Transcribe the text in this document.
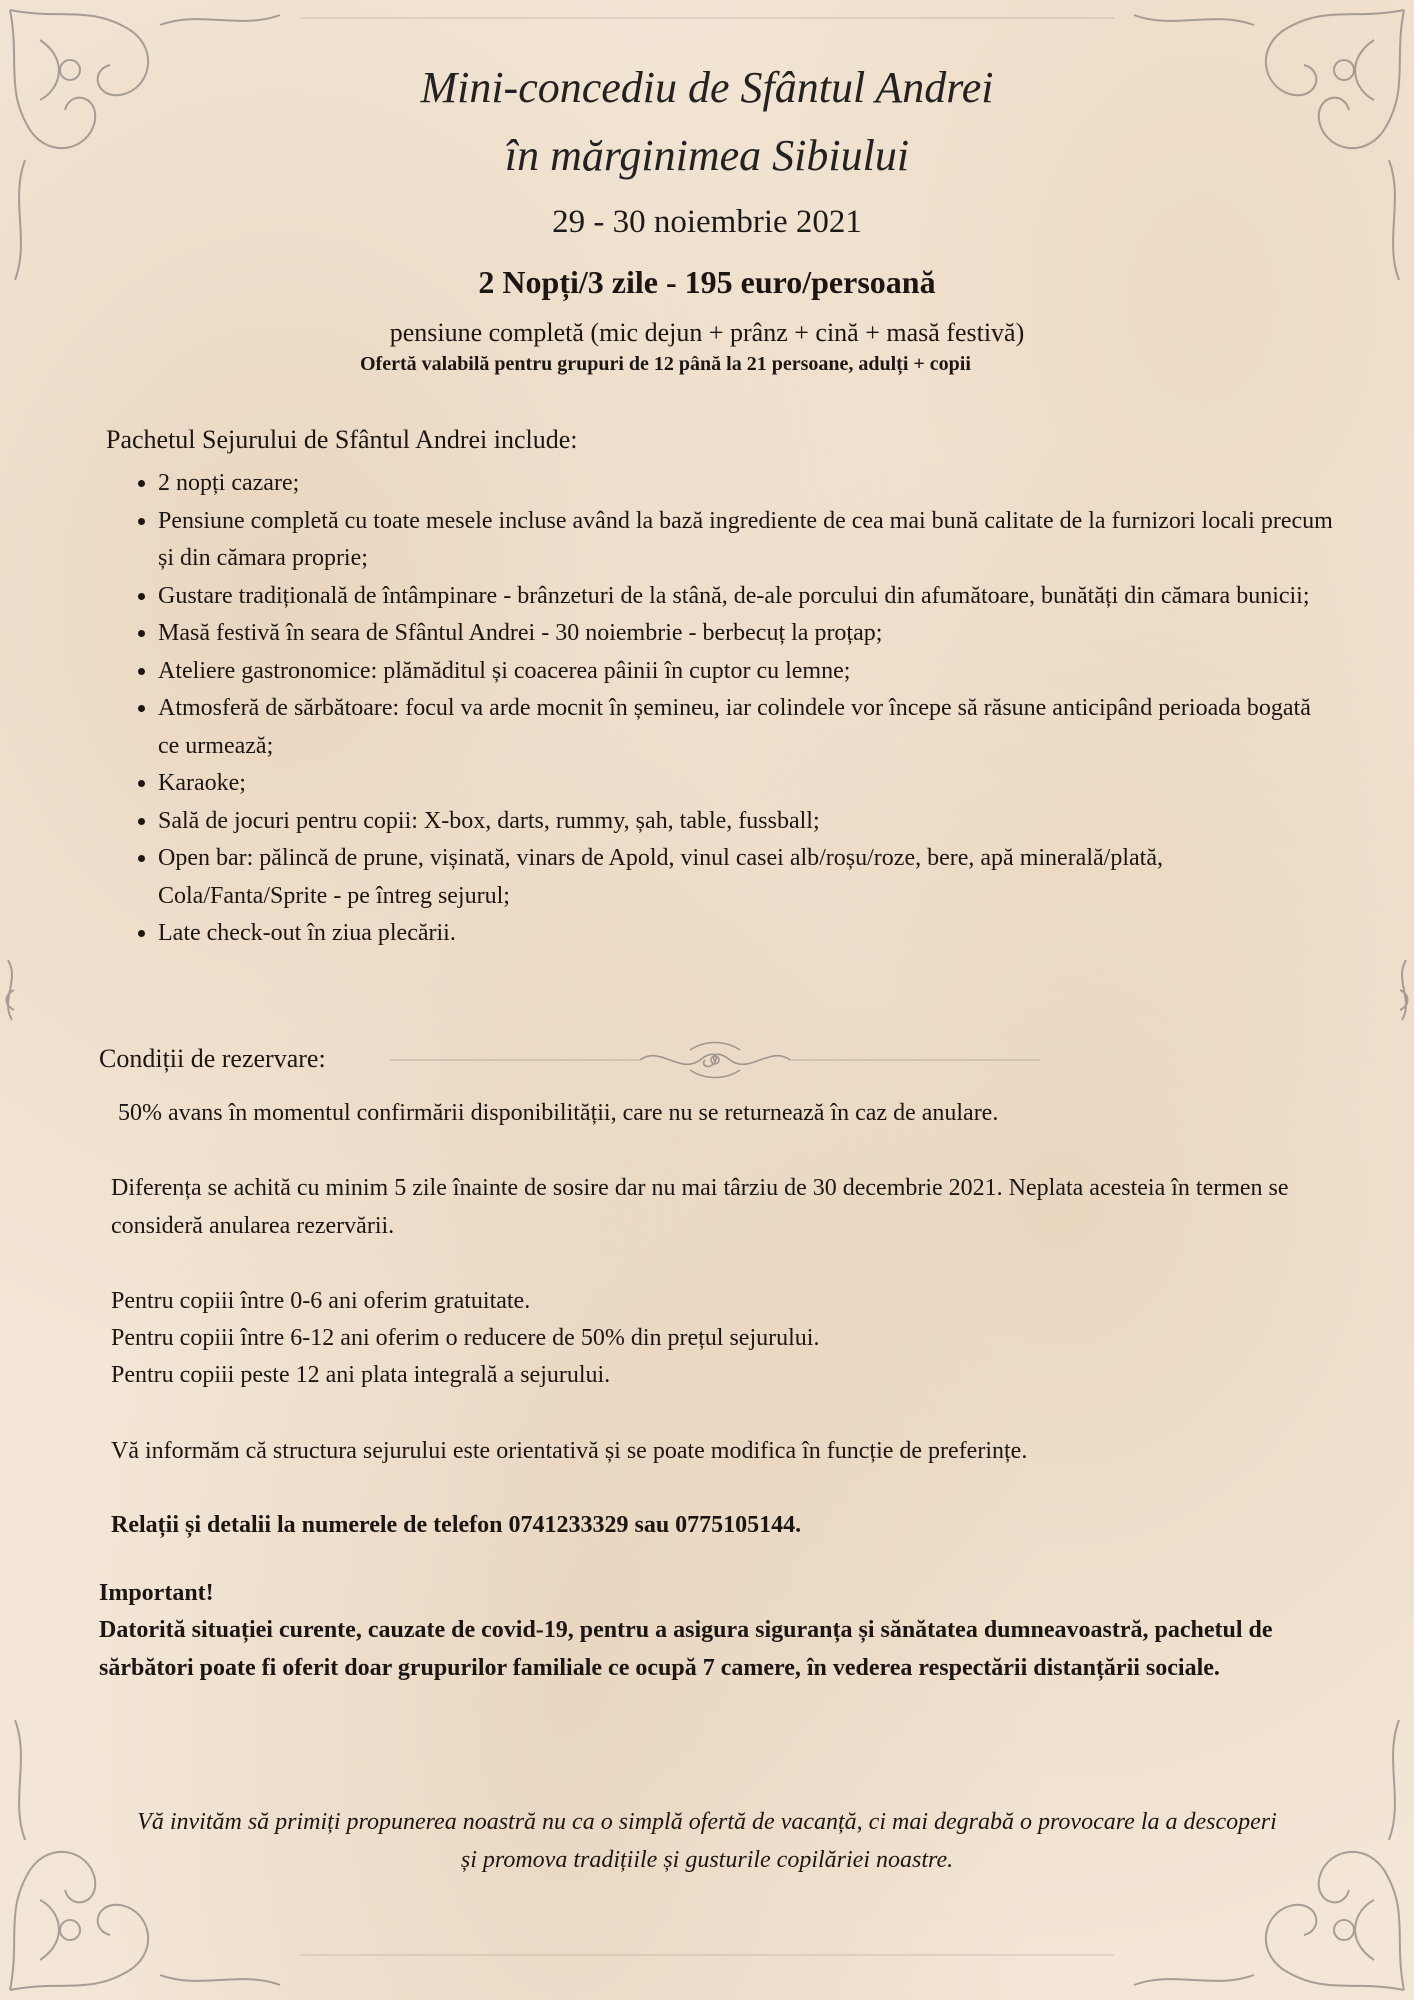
Mini-concediu de Sfântul Andrei
în mărginimea Sibiului
29 - 30 noiembrie 2021
2 Nopți/3 zile - 195 euro/persoană
pensiune completă (mic dejun + prânz + cină + masă festivă)
Ofertă valabilă pentru grupuri de 12 până la 21 persoane, adulți + copii
Pachetul Sejurului de Sfântul Andrei include:
• 2 nopți cazare;
• Pensiune completă cu toate mesele incluse având la bază ingrediente de cea mai bună calitate de la furnizori locali precum și din cămara proprie;
• Gustare tradițională de întâmpinare - brânzeturi de la stână, de-ale porcului din afumătoare, bunătăți din cămara bunicii;
• Masă festivă în seara de Sfântul Andrei - 30 noiembrie - berbecuț la proțap;
• Ateliere gastronomice: plămăditul și coacerea pâinii în cuptor cu lemne;
• Atmosferă de sărbătoare: focul va arde mocnit în șemineu, iar colindele vor începe să răsune anticipând perioada bogată ce urmează;
• Karaoke;
• Sală de jocuri pentru copii: X-box, darts, rummy, șah, table, fussball;
• Open bar: pălincă de prune, vișinată, vinars de Apold, vinul casei alb/roșu/roze, bere, apă minerală/plată, Cola/Fanta/Sprite - pe întreg sejurul;
• Late check-out în ziua plecării.
Condiții de rezervare:

50% avans în momentul confirmării disponibilității, care nu se returnează în caz de anulare.

Diferența se achită cu minim 5 zile înainte de sosire dar nu mai târziu de 30 decembrie 2021. Neplata acesteia în termen se consideră anularea rezervării.

Pentru copiii între 0-6 ani oferim gratuitate.

Pentru copiii între 6-12 ani oferim o reducere de 50% din prețul sejurului.

Pentru copiii peste 12 ani plata integrală a sejurului.

Vă informăm că structura sejurului este orientativă și se poate modifica în funcție de preferințe.

Relații și detalii la numerele de telefon 0741233329 sau 0775105144.

Important!

Datorită situației curente, cauzate de covid-19, pentru a asigura siguranța și sănătatea dumneavoastră, pachetul de sărbători poate fi oferit doar grupurilor familiale ce ocupă 7 camere, în vederea respectării distanțării sociale.

Vă invităm să primiți propunerea noastră nu ca o simplă ofertă de vacanță, ci mai degrabă o provocare la a descoperi și promova tradițiile și gusturile copilăriei noastre.
